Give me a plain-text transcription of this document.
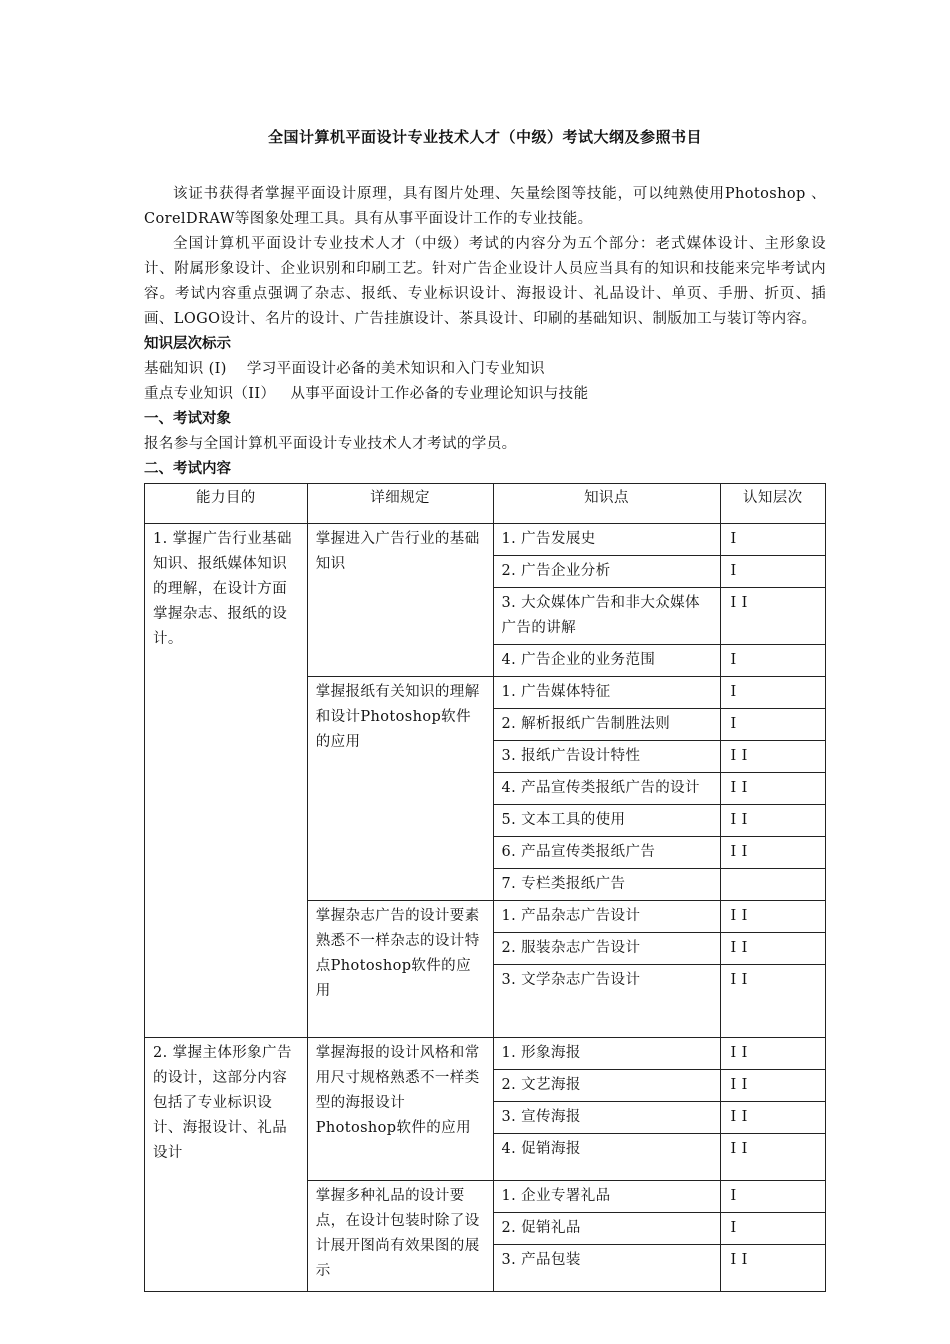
全国计算机平面设计专业技术人才（中级）考试大纲及参照书目

该证书获得者掌握平面设计原理，具有图片处理、矢量绘图等技能，可以纯熟使用Photoshop 、CorelDRAW等图象处理工具。具有从事平面设计工作的专业技能。

全国计算机平面设计专业技术人才（中级）考试的内容分为五个部分：老式媒体设计、主形象设计、附属形象设计、企业识别和印刷工艺。针对广告企业设计人员应当具有的知识和技能来完毕考试内容。考试内容重点强调了杂志、报纸、专业标识设计、海报设计、礼品设计、单页、手册、折页、插画、LOGO设计、名片的设计、广告挂旗设计、茶具设计、印刷的基础知识、制版加工与装订等内容。

知识层次标示

基础知识 (I)    学习平面设计必备的美术知识和入门专业知识

重点专业知识（II）   从事平面设计工作必备的专业理论知识与技能

一、考试对象

报名参与全国计算机平面设计专业技术人才考试的学员。

二、考试内容

能力目的	详细规定	知识点	认知层次
1. 掌握广告行业基础知识、报纸媒体知识的理解，在设计方面掌握杂志、报纸的设计。	掌握进入广告行业的基础知识	1. 广告发展史	I
		2. 广告企业分析	I
		3. 大众媒体广告和非大众媒体广告的讲解	I I
		4. 广告企业的业务范围	I
	掌握报纸有关知识的理解和设计Photoshop软件的应用	1. 广告媒体特征	I
		2. 解析报纸广告制胜法则	I
		3. 报纸广告设计特性	I I
		4. 产品宣传类报纸广告的设计	I I
		5. 文本工具的使用	I I
		6. 产品宣传类报纸广告	I I
		7. 专栏类报纸广告	
	掌握杂志广告的设计要素熟悉不一样杂志的设计特点Photoshop软件的应用	1. 产品杂志广告设计	I I
		2. 服装杂志广告设计	I I
		3. 文学杂志广告设计	I I
2. 掌握主体形象广告的设计，这部分内容包括了专业标识设计、海报设计、礼品设计	掌握海报的设计风格和常用尺寸规格熟悉不一样类型的海报设计Photoshop软件的应用	1. 形象海报	I I
		2. 文艺海报	I I
		3. 宣传海报	I I
		4. 促销海报	I I
	掌握多种礼品的设计要点，在设计包装时除了设计展开图尚有效果图的展示	1. 企业专署礼品	I
		2. 促销礼品	I
		3. 产品包装	I I
